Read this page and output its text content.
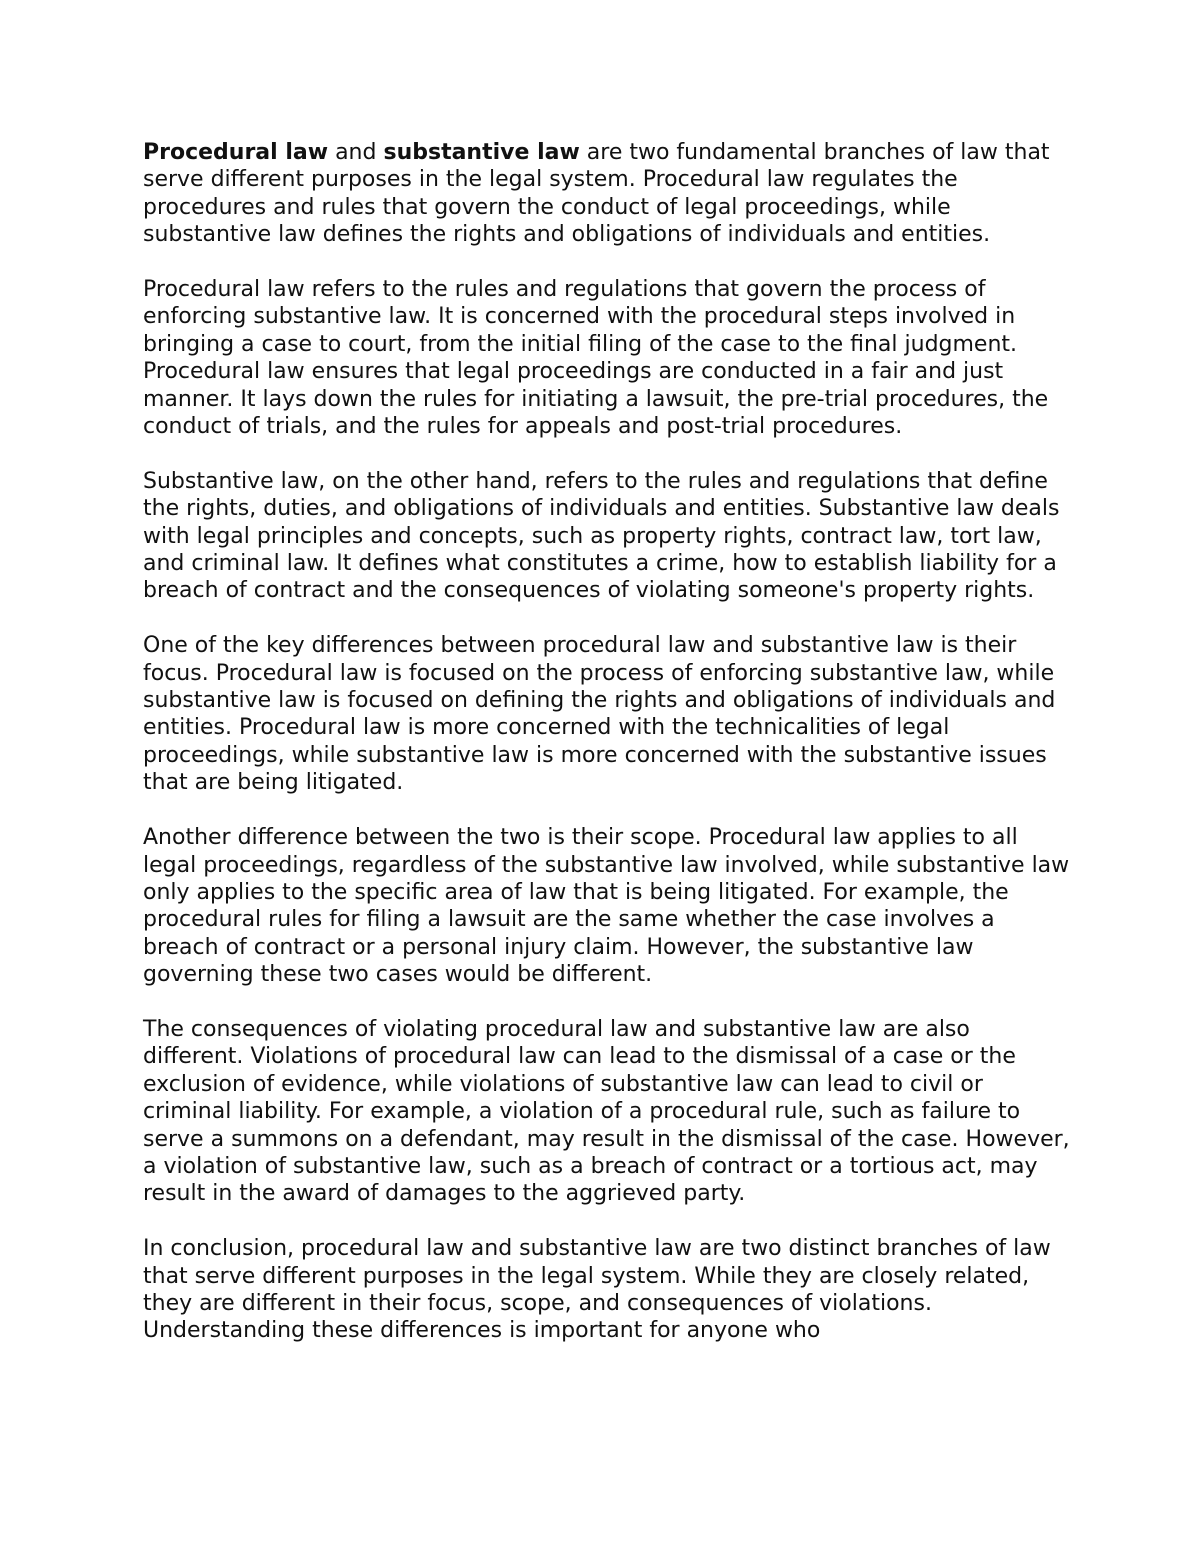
Procedural law and substantive law are two fundamental branches of law that serve different purposes in the legal system. Procedural law regulates the procedures and rules that govern the conduct of legal proceedings, while substantive law defines the rights and obligations of individuals and entities.

Procedural law refers to the rules and regulations that govern the process of enforcing substantive law. It is concerned with the procedural steps involved in bringing a case to court, from the initial filing of the case to the final judgment. Procedural law ensures that legal proceedings are conducted in a fair and just manner. It lays down the rules for initiating a lawsuit, the pre-trial procedures, the conduct of trials, and the rules for appeals and post-trial procedures.

Substantive law, on the other hand, refers to the rules and regulations that define the rights, duties, and obligations of individuals and entities. Substantive law deals with legal principles and concepts, such as property rights, contract law, tort law, and criminal law. It defines what constitutes a crime, how to establish liability for a breach of contract and the consequences of violating someone's property rights.

One of the key differences between procedural law and substantive law is their focus. Procedural law is focused on the process of enforcing substantive law, while substantive law is focused on defining the rights and obligations of individuals and entities. Procedural law is more concerned with the technicalities of legal proceedings, while substantive law is more concerned with the substantive issues that are being litigated.

Another difference between the two is their scope. Procedural law applies to all legal proceedings, regardless of the substantive law involved, while substantive law only applies to the specific area of law that is being litigated. For example, the procedural rules for filing a lawsuit are the same whether the case involves a breach of contract or a personal injury claim. However, the substantive law governing these two cases would be different.

The consequences of violating procedural law and substantive law are also different. Violations of procedural law can lead to the dismissal of a case or the exclusion of evidence, while violations of substantive law can lead to civil or criminal liability. For example, a violation of a procedural rule, such as failure to serve a summons on a defendant, may result in the dismissal of the case. However, a violation of substantive law, such as a breach of contract or a tortious act, may result in the award of damages to the aggrieved party.

In conclusion, procedural law and substantive law are two distinct branches of law that serve different purposes in the legal system. While they are closely related, they are different in their focus, scope, and consequences of violations. Understanding these differences is important for anyone who
